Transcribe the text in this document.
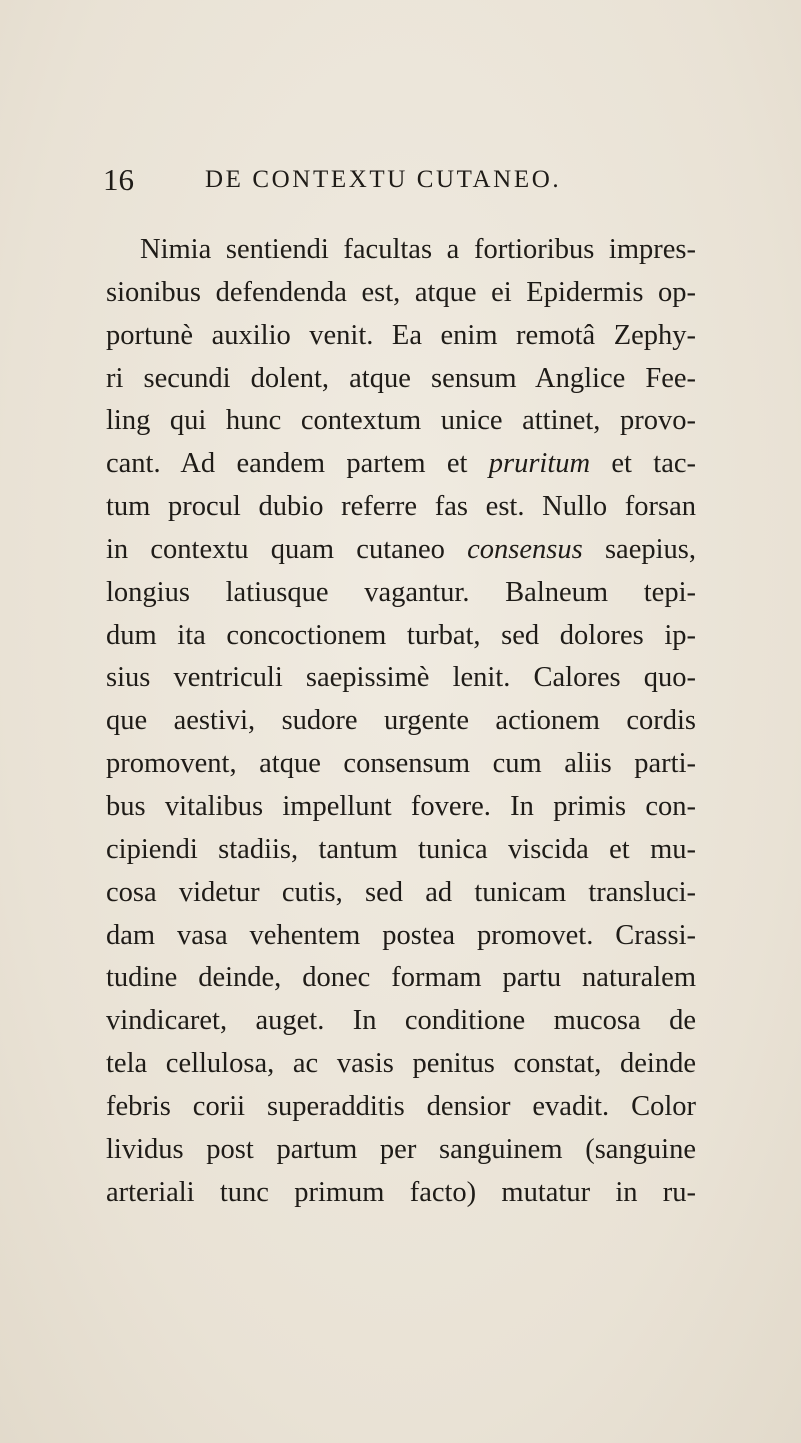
16	DE CONTEXTU CUTANEO.
Nimia sentiendi facultas a fortioribus impres-
sionibus defendenda est, atque ei Epidermis op-
portunè auxilio venit. Ea enim remotâ Zephy-
ri secundi dolent, atque sensum Anglice Fee-
ling qui hunc contextum unice attinet, provo-
cant. Ad eandem partem et pruritum et tac-
tum procul dubio referre fas est. Nullo forsan
in contextu quam cutaneo consensus saepius,
longius latiusque vagantur. Balneum tepi-
dum ita concoctionem turbat, sed dolores ip-
sius ventriculi saepissimè lenit. Calores quo-
que aestivi, sudore urgente actionem cordis
promovent, atque consensum cum aliis parti-
bus vitalibus impellunt fovere. In primis con-
cipiendi stadiis, tantum tunica viscida et mu-
cosa videtur cutis, sed ad tunicam transluci-
dam vasa vehentem postea promovet. Crassi-
tudine deinde, donec formam partu naturalem
vindicaret, auget. In conditione mucosa de
tela cellulosa, ac vasis penitus constat, deinde
febris corii superadditis densior evadit. Color
lividus post partum per sanguinem (sanguine
arteriali tunc primum facto) mutatur in ru-
